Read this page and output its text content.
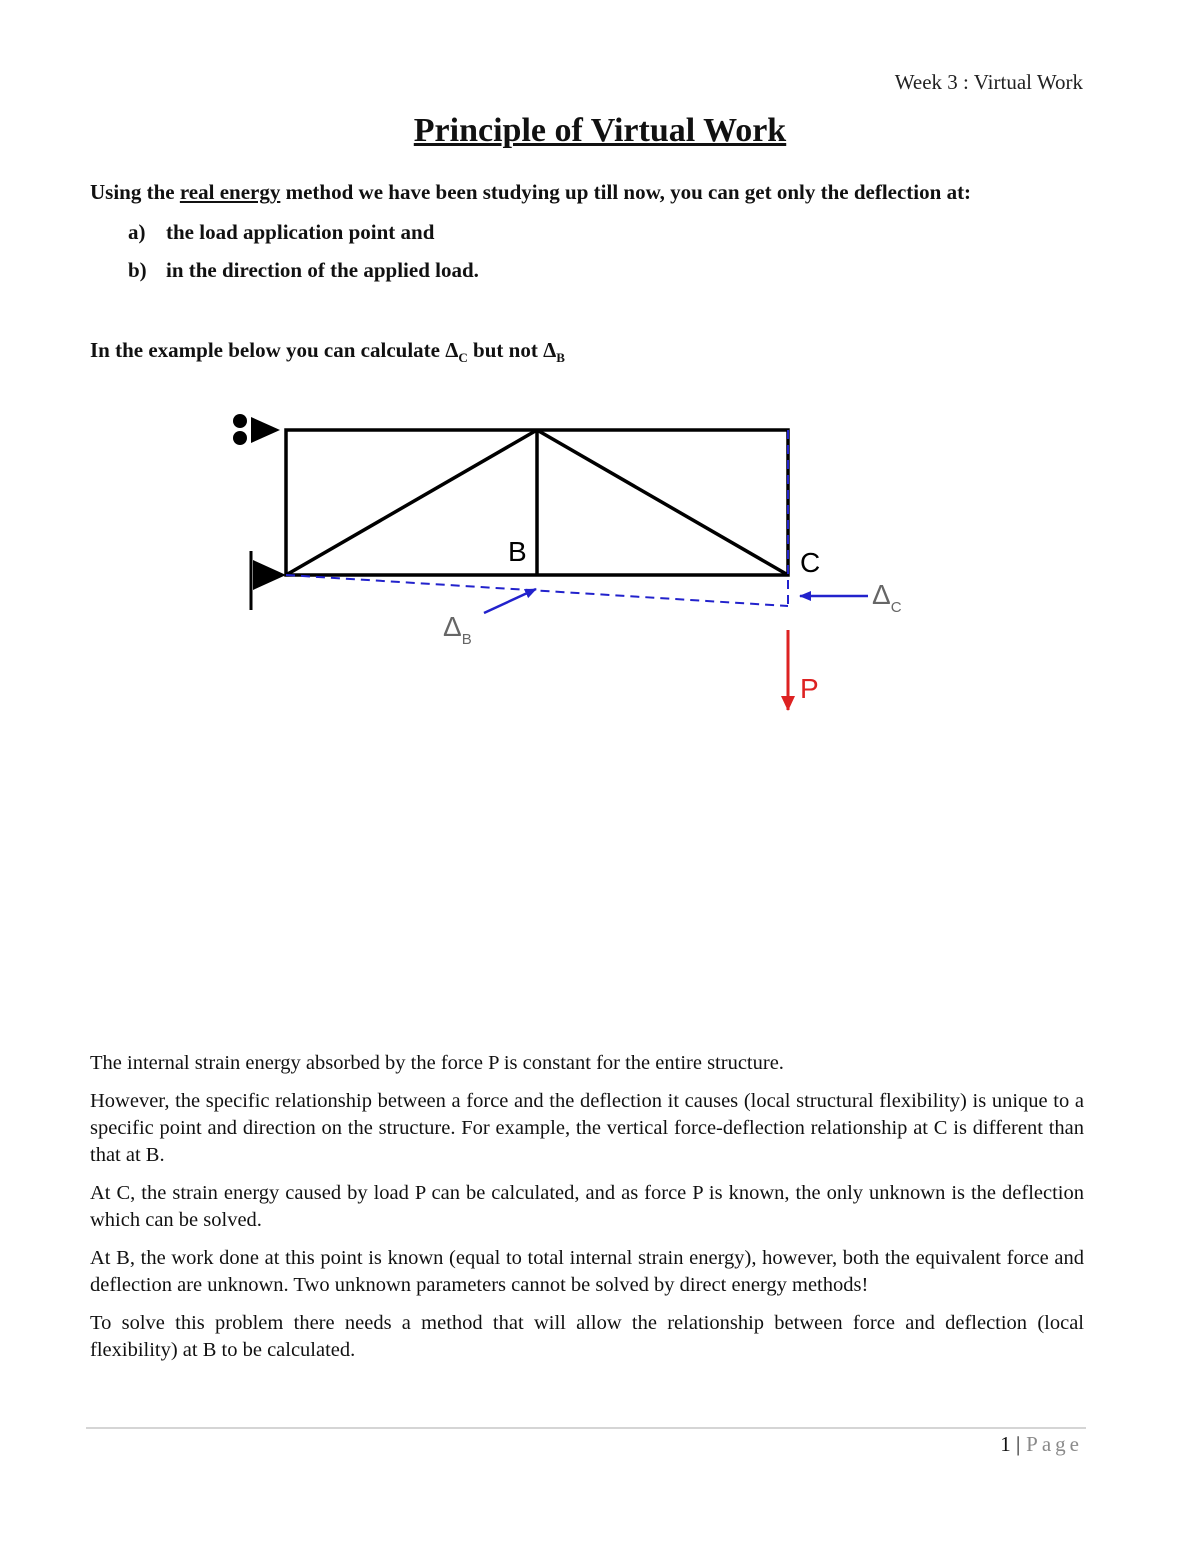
Week 3 : Virtual Work
Principle of Virtual Work
Using the real energy method we have been studying up till now, you can get only the deflection at:
a) the load application point and
b) in the direction of the applied load.
In the example below you can calculate $\Delta_C$ but not $\Delta_B$
B	C
$\Delta_B$
$\Delta_C$
P

The internal strain energy absorbed by the force P is constant for the entire structure.

However, the specific relationship between a force and the deflection it causes (local structural flexibility) is unique to a specific point and direction on the structure. For example, the vertical force-deflection relationship at C is different than that at B.

At C, the strain energy caused by load P can be calculated, and as force P is known, the only unknown is the deflection which can be solved.

At B, the work done at this point is known (equal to total internal strain energy), however, both the equivalent force and deflection are unknown. Two unknown parameters cannot be solved by direct energy methods!

To solve this problem there needs a method that will allow the relationship between force and deflection (local flexibility) at B to be calculated.

1 | Page
